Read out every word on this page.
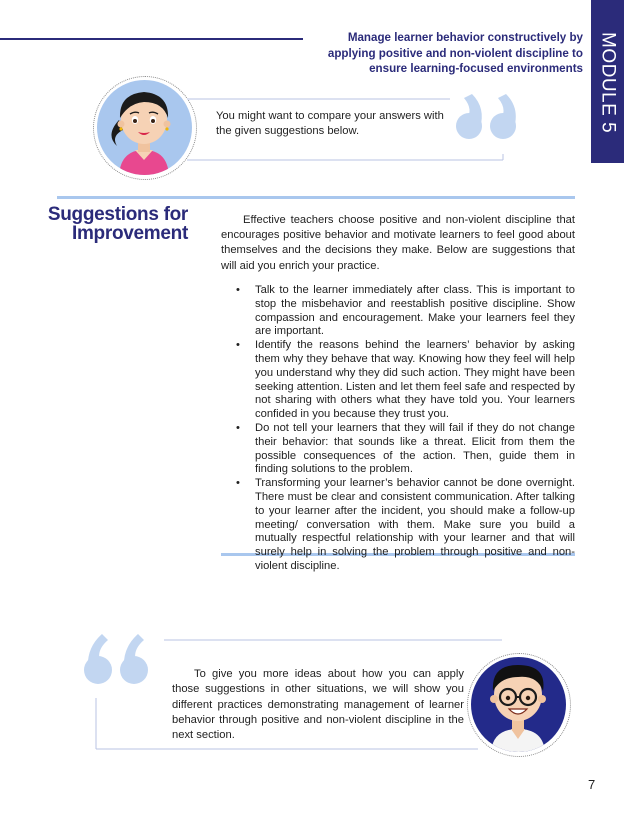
Manage learner behavior constructively by applying positive and non-violent discipline to ensure learning-focused environments MODULE 5
You might want to compare your answers with the given suggestions below.
Suggestions for
Improvement
Effective teachers choose positive and non-violent discipline that encourages positive behavior and motivate learners to feel good about themselves and the decisions they make. Below are suggestions that will aid you enrich your practice.
• Talk to the learner immediately after class. This is important to stop the misbehavior and reestablish positive discipline. Show compassion and encouragement. Make your learners feel they are important.
• Identify the reasons behind the learners’ behavior by asking them why they behave that way. Knowing how they feel will help you understand why they did such action. They might have been seeking attention. Listen and let them feel safe and respected by not sharing with others what they have told you. Your learners confided in you because they trust you.
• Do not tell your learners that they will fail if they do not change their behavior: that sounds like a threat. Elicit from them the possible consequences of the action. Then, guide them in finding solutions to the problem.
• Transforming your learner’s behavior cannot be done overnight. There must be clear and consistent communication. After talking to your learner after the incident, you should make a follow-up meeting/ conversation with them. Make sure you build a mutually respectful relationship with your learner and that will surely help in solving the problem through positive and non-violent discipline.
To give you more ideas about how you can apply those suggestions in other situations, we will show you different practices demonstrating management of learner behavior through positive and non-violent discipline in the next section.
7
